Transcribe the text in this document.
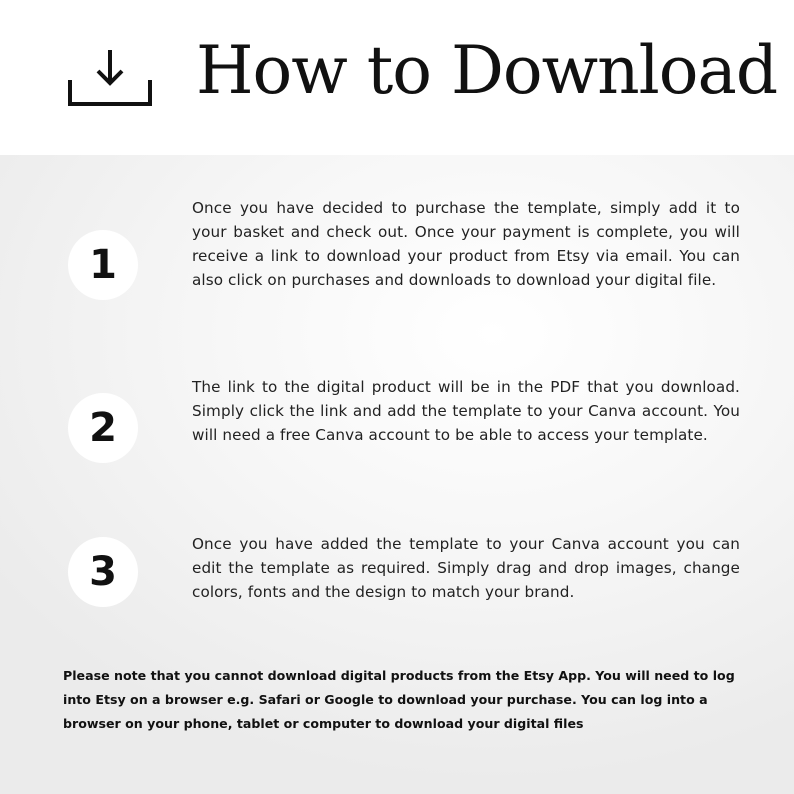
How to Download
1

Once you have decided to purchase the template, simply add it to your basket and check out. Once your payment is complete, you will receive a link to download your product from Etsy via email. You can also click on purchases and downloads to download your digital file.

2

The link to the digital product will be in the PDF that you download. Simply click the link and add the template to your Canva account. You will need a free Canva account to be able to access your template.

3

Once you have added the template to your Canva account you can edit the template as required. Simply drag and drop images, change colors, fonts and the design to match your brand.

Please note that you cannot download digital products from the Etsy App. You will need to log into Etsy on a browser e.g. Safari or Google to download your purchase. You can log into a browser on your phone, tablet or computer to download your digital files
